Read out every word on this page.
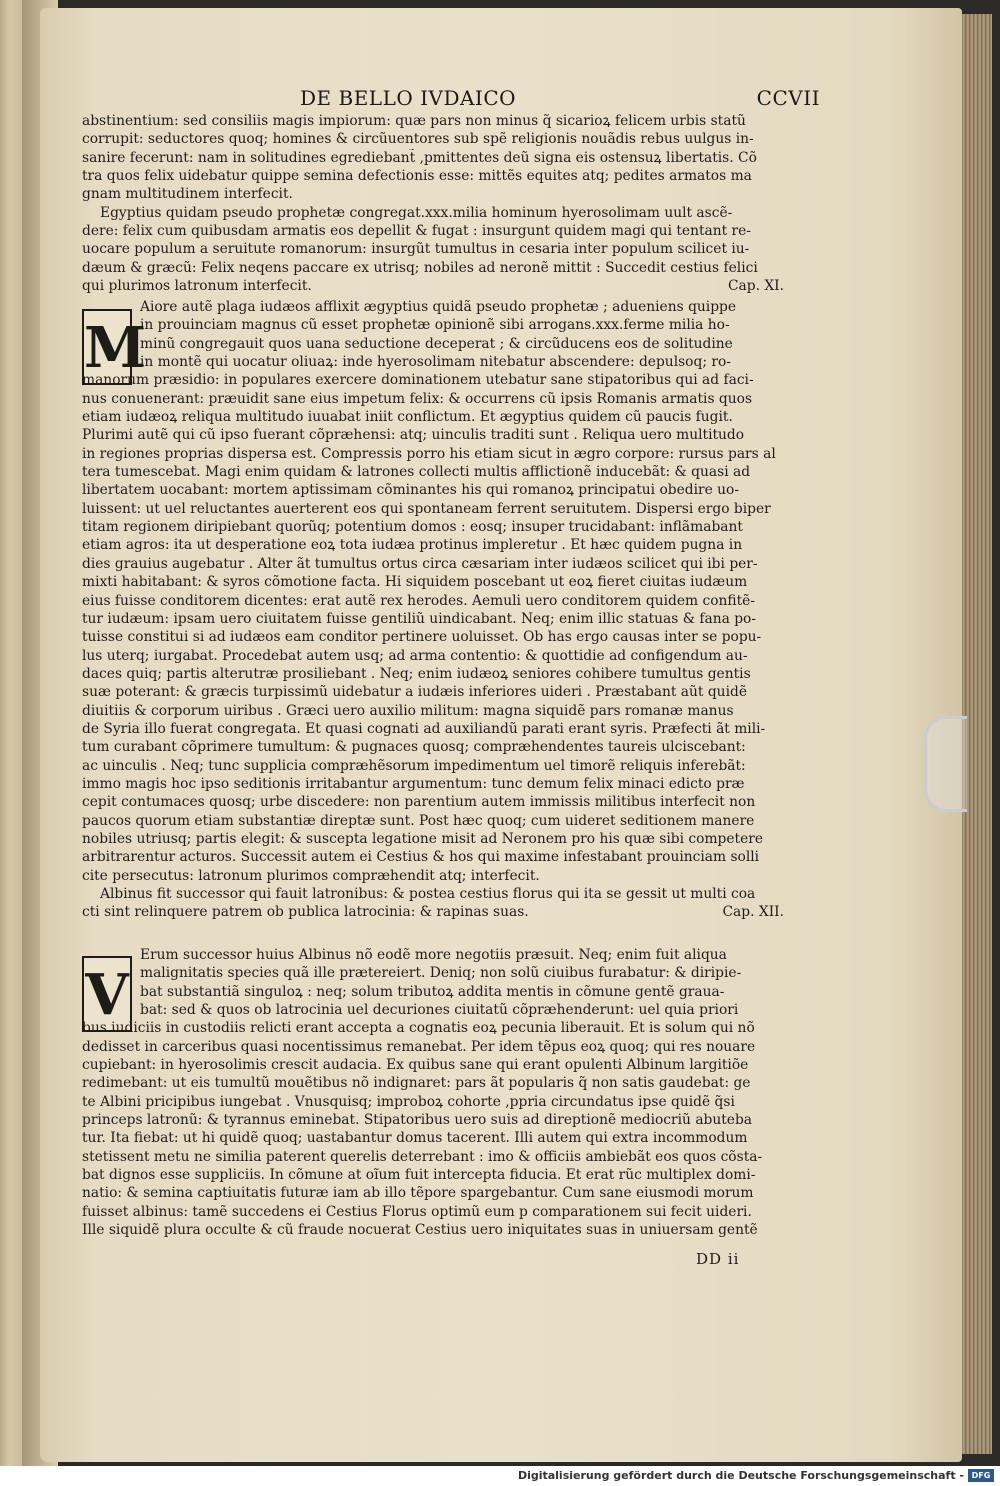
DE BELLO IVDAICO	CCVII
abstinentium: sed consiliis magis impiorum: quæ pars non minus q̃ sicarioꝝ felicem urbis statũ
corrupit: seductores quoq; homines & circũuentores sub spẽ religionis nouãdis rebus uulgus in-
sanire fecerunt: nam in solitudines egrediebant̃ ,pmittentes deũ signa eis ostensuꝝ libertatis. Cõ
tra quos felix uidebatur quippe semina defectionis esse: mittẽs equites atq; pedites armatos ma
gnam multitudinem interfecit.
Egyptius quidam pseudo prophetæ congregat.xxx.milia hominum hyerosolimam uult ascẽ-
dere: felix cum quibusdam armatis eos depellit & fugat : insurgunt quidem magi qui tentant re-
uocare populum a seruitute romanorum: insurgũt tumultus in cesaria inter populum scilicet iu-
dæum & græcũ: Felix neqens paccare ex utrisq; nobiles ad neronẽ mittit : Succedit cestius felici
qui plurimos latronum interfecit.	Cap. XI.
M
Aiore autẽ plaga iudæos afflixit ægyptius quidã pseudo prophetæ ; adueniens quippe
in prouinciam magnus cũ esset prophetæ opinionẽ sibi arrogans.xxx.ferme milia ho-
minũ congregauit quos uana seductione deceperat ; & circũducens eos de solitudine
in montẽ qui uocatur oliuaꝝ: inde hyerosolimam nitebatur abscendere: depulsoq; ro-
manorum præsidio: in populares exercere dominationem utebatur sane stipatoribus qui ad faci-
nus conuenerant: præuidit sane eius impetum felix: & occurrens cũ ipsis Romanis armatis quos
etiam iudæoꝝ reliqua multitudo iuuabat iniit conflictum. Et ægyptius quidem cũ paucis fugit.
Plurimi autẽ qui cũ ipso fuerant cõpræhensi: atq; uinculis traditi sunt . Reliqua uero multitudo
in regiones proprias dispersa est. Compressis porro his etiam sicut in ægro corpore: rursus pars al
tera tumescebat. Magi enim quidam & latrones collecti multis afflictionẽ inducebãt: & quasi ad
libertatem uocabant: mortem aptissimam cõminantes his qui romanoꝝ principatui obedire uo-
luissent: ut uel reluctantes auerterent eos qui spontaneam ferrent seruitutem. Dispersi ergo biper
titam regionem diripiebant quorũq; potentium domos : eosq; insuper trucidabant: inflãmabant
etiam agros: ita ut desperatione eoꝝ tota iudæa protinus impleretur . Et hæc quidem pugna in
dies grauius augebatur . Alter ãt tumultus ortus circa cæsariam inter iudæos scilicet qui ibi per-
mixti habitabant: & syros cõmotione facta. Hi siquidem poscebant ut eoꝝ fieret ciuitas iudæum
eius fuisse conditorem dicentes: erat autẽ rex herodes. Aemuli uero conditorem quidem confitẽ-
tur iudæum: ipsam uero ciuitatem fuisse gentiliũ uindicabant. Neq; enim illic statuas & fana po-
tuisse constitui si ad iudæos eam conditor pertinere uoluisset. Ob has ergo causas inter se popu-
lus uterq; iurgabat. Procedebat autem usq; ad arma contentio: & quottidie ad configendum au-
daces quiq; partis alterutræ prosiliebant . Neq; enim iudæoꝝ seniores cohibere tumultus gentis
suæ poterant: & græcis turpissimũ uidebatur a iudæis inferiores uideri . Præstabant aũt quidẽ
diuitiis & corporum uiribus . Græci uero auxilio militum: magna siquidẽ pars romanæ manus
de Syria illo fuerat congregata. Et quasi cognati ad auxiliandũ parati erant syris. Præfecti ãt mili-
tum curabant cõprimere tumultum: & pugnaces quosq; compræhendentes taureis ulciscebant:
ac uinculis . Neq; tunc supplicia compræhẽsorum impedimentum uel timorẽ reliquis inferebãt:
immo magis hoc ipso seditionis irritabantur argumentum: tunc demum felix minaci edicto præ
cepit contumaces quosq; urbe discedere: non parentium autem immissis militibus interfecit non
paucos quorum etiam substantiæ direptæ sunt. Post hæc quoq; cum uideret seditionem manere
nobiles utriusq; partis elegit: & suscepta legatione misit ad Neronem pro his quæ sibi competere
arbitrarentur acturos. Successit autem ei Cestius & hos qui maxime infestabant prouinciam solli
cite persecutus: latronum plurimos compræhendit atq; interfecit.
Albinus fit successor qui fauit latronibus: & postea cestius florus qui ita se gessit ut multi coa
cti sint relinquere patrem ob publica latrocinia: & rapinas suas.	Cap. XII.
V
Erum successor huius Albinus nõ eodẽ more negotiis præsuit. Neq; enim fuit aliqua
malignitatis species quã ille prætereiert. Deniq; non solũ ciuibus furabatur: & diripie-
bat substantiã singuloꝝ : neq; solum tributoꝝ addita mentis in cõmune gentẽ graua-
bat: sed & quos ob latrocinia uel decuriones ciuitatũ cõpræhenderunt: uel quia priori
bus iudiciis in custodiis relicti erant accepta a cognatis eoꝝ pecunia liberauit. Et is solum qui nõ
dedisset in carceribus quasi nocentissimus remanebat. Per idem tẽpus eoꝝ quoq; qui res nouare
cupiebant: in hyerosolimis crescit audacia. Ex quibus sane qui erant opulenti Albinum largitiõe
redimebant: ut eis tumultũ mouẽtibus nõ indignaret: pars ãt popularis q̃ non satis gaudebat: ge
te Albini pricipibus iungebat . Vnusquisq; improboꝝ cohorte ,ppria circundatus ipse quidẽ q̃si
princeps latronũ: & tyrannus eminebat. Stipatoribus uero suis ad direptionẽ mediocriũ abuteba
tur. Ita fiebat: ut hi quidẽ quoq; uastabantur domus tacerent. Illi autem qui extra incommodum
stetissent metu ne similia paterent querelis deterrebant : imo & officiis ambiebãt eos quos cõsta-
bat dignos esse suppliciis. In cõmune at oĩum fuit intercepta fiducia. Et erat rũc multiplex domi-
natio: & semina captiuitatis futuræ iam ab illo tẽpore spargebantur. Cum sane eiusmodi morum
fuisset albinus: tamẽ succedens ei Cestius Florus optimũ eum p comparationem sui fecit uideri.
Ille siquidẽ plura occulte & cũ fraude nocuerat Cestius uero iniquitates suas in uniuersam gentẽ
DD ii
Digitalisierung gefördert durch die Deutsche Forschungsgemeinschaft - DFG
